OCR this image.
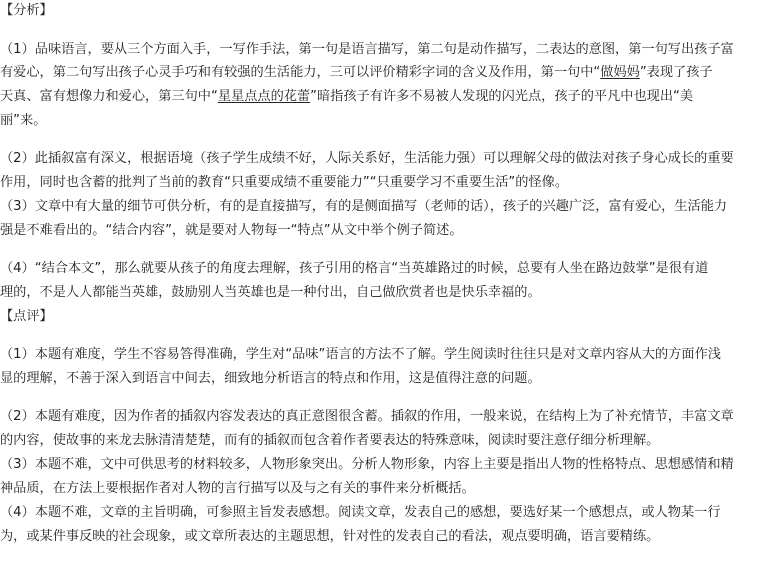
【分析】
（1）品味语言，要从三个方面入手，一写作手法，第一句是语言描写，第二句是动作描写，二表达的意图，第一句写出孩子富
有爱心，第二句写出孩子心灵手巧和有较强的生活能力，三可以评价精彩字词的含义及作用，第一句中“做妈妈”表现了孩子
天真、富有想像力和爱心，第三句中“星星点点的花蕾”暗指孩子有许多不易被人发现的闪光点，孩子的平凡中也现出“美
丽”来。
（2）此插叙富有深义，根据语境（孩子学生成绩不好，人际关系好，生活能力强）可以理解父母的做法对孩子身心成长的重要
作用，同时也含蓄的批判了当前的教育“只重要成绩不重要能力”“只重要学习不重要生活”的怪像。
（3）文章中有大量的细节可供分析，有的是直接描写，有的是侧面描写（老师的话），孩子的兴趣广泛，富有爱心，生活能力
强是不难看出的。“结合内容”，就是要对人物每一“特点”从文中举个例子简述。
（4）“结合本文”，那么就要从孩子的角度去理解，孩子引用的格言“当英雄路过的时候，总要有人坐在路边鼓掌”是很有道
理的，不是人人都能当英雄，鼓励别人当英雄也是一种付出，自己做欣赏者也是快乐幸福的。
【点评】
（1）本题有难度，学生不容易答得准确，学生对“品味”语言的方法不了解。学生阅读时往往只是对文章内容从大的方面作浅
显的理解，不善于深入到语言中间去，细致地分析语言的特点和作用，这是值得注意的问题。
（2）本题有难度，因为作者的插叙内容发表达的真正意图很含蓄。插叙的作用，一般来说，在结构上为了补充情节，丰富文章
的内容，使故事的来龙去脉清清楚楚，而有的插叙而包含着作者要表达的特殊意味，阅读时要注意仔细分析理解。
（3）本题不难，文中可供思考的材料较多，人物形象突出。分析人物形象，内容上主要是指出人物的性格特点、思想感情和精
神品质，在方法上要根据作者对人物的言行描写以及与之有关的事件来分析概括。
（4）本题不难，文章的主旨明确，可参照主旨发表感想。阅读文章，发表自己的感想，要选好某一个感想点，或人物某一行
为，或某件事反映的社会现象，或文章所表达的主题思想，针对性的发表自己的看法，观点要明确，语言要精练。
